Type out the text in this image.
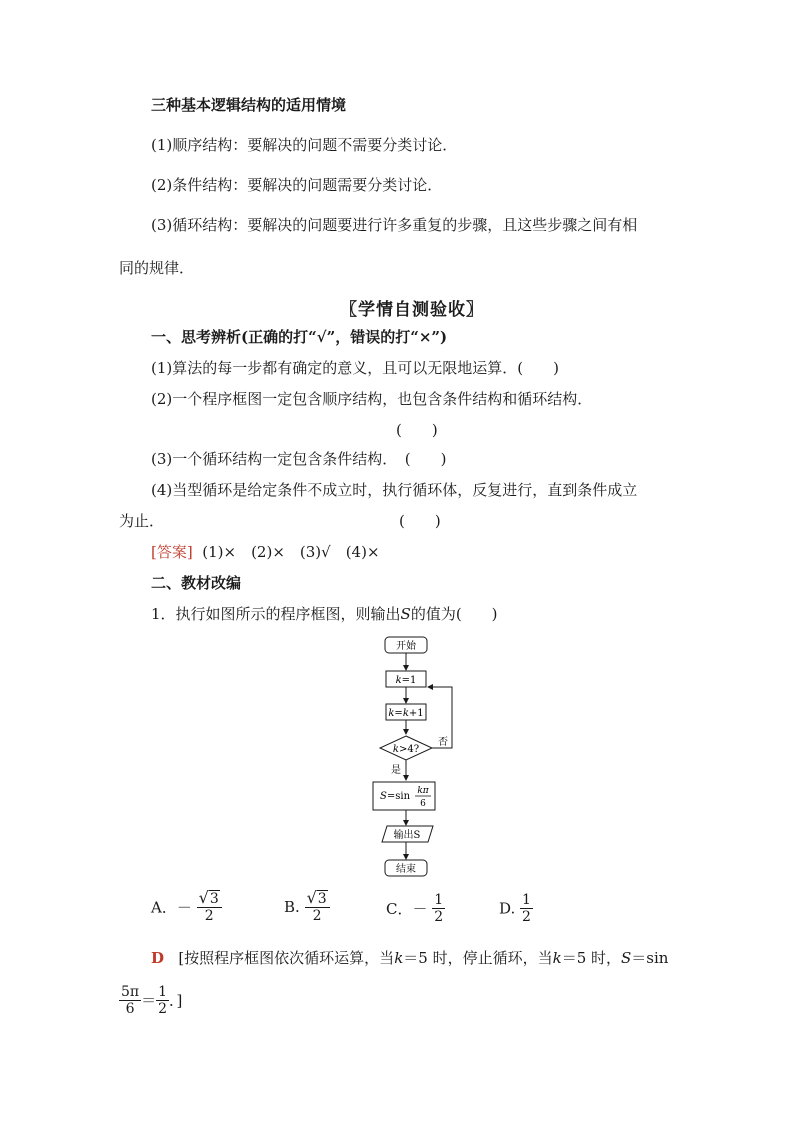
三种基本逻辑结构的适用情境
(1)顺序结构：要解决的问题不需要分类讨论．
(2)条件结构：要解决的问题需要分类讨论．
(3)循环结构：要解决的问题要进行许多重复的步骤，且这些步骤之间有相
同的规律．
〖学情自测验收〗
一、思考辨析(正确的打“√”，错误的打“×”)
(1)算法的每一步都有确定的意义，且可以无限地运算．(　　)
(2)一个程序框图一定包含顺序结构，也包含条件结构和循环结构．
(　　)
(3)一个循环结构一定包含条件结构．　(　　)
(4)当型循环是给定条件不成立时，执行循环体，反复进行，直到条件成立
为止．	(　　)
[答案] (1)×　(2)×　(3)√　(4)×
二、教材改编
1．执行如图所示的程序框图，则输出S的值为(　　)
开始
k=1
k=k+1
k>4?
否
是
S=sin kπ
6
输出S
结束
A．－ $\frac{√3}{2}$	B. $\frac{√3}{2}$	C．－ $\frac{1}{2}$	D. $\frac{1}{2}$
D [按照程序框图依次循环运算，当k＝5 时，停止循环，当k＝5 时，S＝sin
$\frac{5\pi}{6} = \frac{1}{2}$ ．]
